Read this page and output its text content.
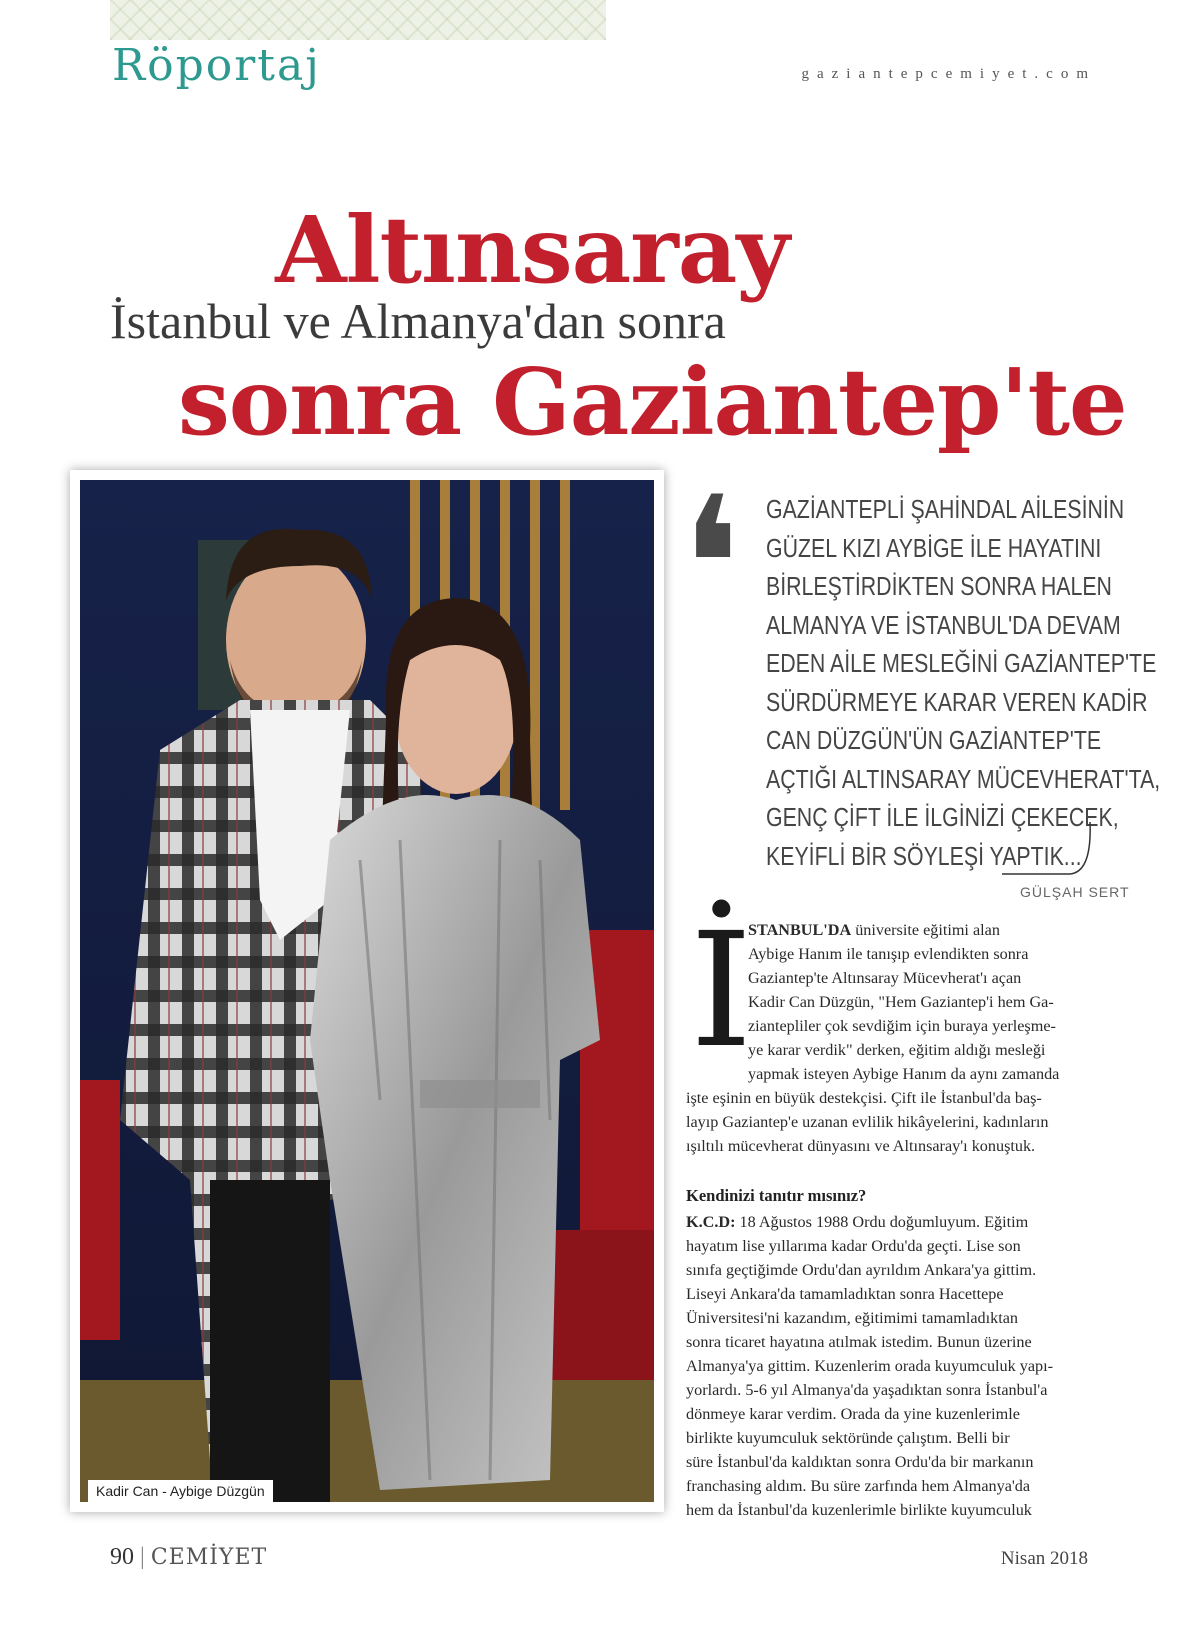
Röportaj	gaziantepcemiyet.com
Altınsaray
İstanbul ve Almanya'dan sonra
sonra Gaziantep'te
Kadir Can - Aybige Düzgün
❛ GAZİANTEPLİ ŞAHİNDAL AİLESİNİN
GÜZEL KIZI AYBİGE İLE HAYATINI
BİRLEŞTİRDİKTEN SONRA HALEN
ALMANYA VE İSTANBUL'DA DEVAM
EDEN AİLE MESLEĞİNİ GAZİANTEP'TE
SÜRDÜRMEYE KARAR VEREN KADİR
CAN DÜZGÜN'ÜN GAZİANTEP'TE
AÇTIĞI ALTINSARAY MÜCEVHERAT'TA,
GENÇ ÇİFT İLE İLGİNİZİ ÇEKECEK,
KEYİFLİ BİR SÖYLEŞİ YAPTIK...
GÜLŞAH SERT
İ
STANBUL'DA üniversite eğitimi alan
Aybige Hanım ile tanışıp evlendikten sonra
Gaziantep'te Altınsaray Mücevherat'ı açan
Kadir Can Düzgün, "Hem Gaziantep'i hem Ga-
ziantepliler çok sevdiğim için buraya yerleşme-
ye karar verdik" derken, eğitim aldığı mesleği
yapmak isteyen Aybige Hanım da aynı zamanda
işte eşinin en büyük destekçisi. Çift ile İstanbul'da baş-
layıp Gaziantep'e uzanan evlilik hikâyelerini, kadınların
ışıltılı mücevherat dünyasını ve Altınsaray'ı konuştuk.
Kendinizi tanıtır mısınız?
K.C.D: 18 Ağustos 1988 Ordu doğumluyum. Eğitim
hayatım lise yıllarıma kadar Ordu'da geçti. Lise son
sınıfa geçtiğimde Ordu'dan ayrıldım Ankara'ya gittim.
Liseyi Ankara'da tamamladıktan sonra Hacettepe
Üniversitesi'ni kazandım, eğitimimi tamamladıktan
sonra ticaret hayatına atılmak istedim. Bunun üzerine
Almanya'ya gittim. Kuzenlerim orada kuyumculuk yapı-
yorlardı. 5-6 yıl Almanya'da yaşadıktan sonra İstanbul'a
dönmeye karar verdim. Orada da yine kuzenlerimle
birlikte kuyumculuk sektöründe çalıştım. Belli bir
süre İstanbul'da kaldıktan sonra Ordu'da bir markanın
franchasing aldım. Bu süre zarfında hem Almanya'da
hem da İstanbul'da kuzenlerimle birlikte kuyumculuk
90 | CEMİYET	Nisan 2018
